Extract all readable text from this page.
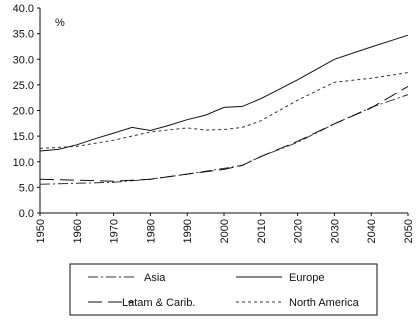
0.0
5.0
10.0
15.0
20.0
25.0
30.0
35.0
40.0
1950 1960 1970 1980 1990 2000 2010 2020 2030 2040 2050
%
Asia
Latam & Carib.
Europe
North America
